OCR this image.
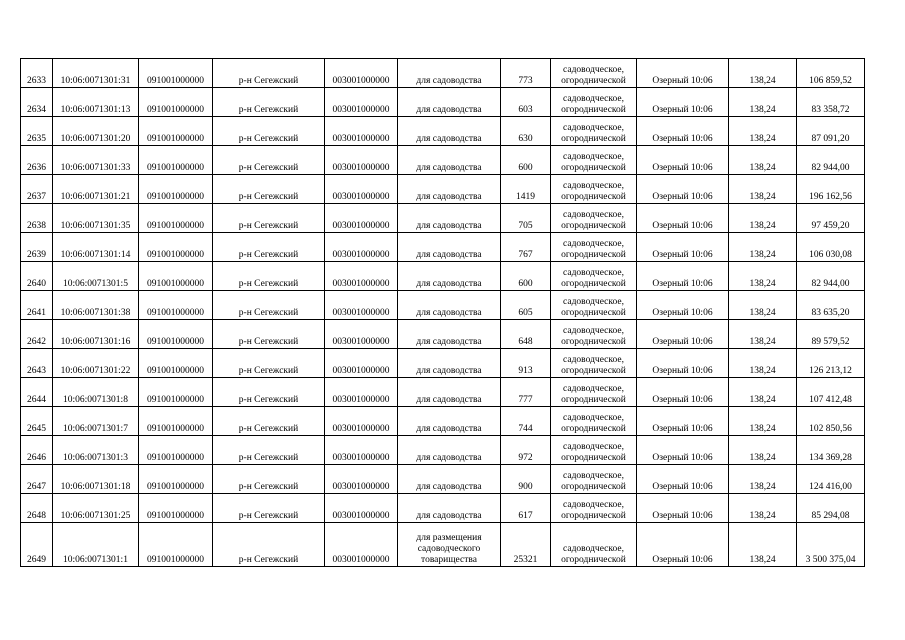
2633	10:06:0071301:31	091001000000	р-н Сегежский	003001000000	для садоводства	773	садоводческое,
огороднической	Озерный 10:06	138,24	106 859,52
2634	10:06:0071301:13	091001000000	р-н Сегежский	003001000000	для садоводства	603	садоводческое,
огороднической	Озерный 10:06	138,24	83 358,72
2635	10:06:0071301:20	091001000000	р-н Сегежский	003001000000	для садоводства	630	садоводческое,
огороднической	Озерный 10:06	138,24	87 091,20
2636	10:06:0071301:33	091001000000	р-н Сегежский	003001000000	для садоводства	600	садоводческое,
огороднической	Озерный 10:06	138,24	82 944,00
2637	10:06:0071301:21	091001000000	р-н Сегежский	003001000000	для садоводства	1419	садоводческое,
огороднической	Озерный 10:06	138,24	196 162,56
2638	10:06:0071301:35	091001000000	р-н Сегежский	003001000000	для садоводства	705	садоводческое,
огороднической	Озерный 10:06	138,24	97 459,20
2639	10:06:0071301:14	091001000000	р-н Сегежский	003001000000	для садоводства	767	садоводческое,
огороднической	Озерный 10:06	138,24	106 030,08
2640	10:06:0071301:5	091001000000	р-н Сегежский	003001000000	для садоводства	600	садоводческое,
огороднической	Озерный 10:06	138,24	82 944,00
2641	10:06:0071301:38	091001000000	р-н Сегежский	003001000000	для садоводства	605	садоводческое,
огороднической	Озерный 10:06	138,24	83 635,20
2642	10:06:0071301:16	091001000000	р-н Сегежский	003001000000	для садоводства	648	садоводческое,
огороднической	Озерный 10:06	138,24	89 579,52
2643	10:06:0071301:22	091001000000	р-н Сегежский	003001000000	для садоводства	913	садоводческое,
огороднической	Озерный 10:06	138,24	126 213,12
2644	10:06:0071301:8	091001000000	р-н Сегежский	003001000000	для садоводства	777	садоводческое,
огороднической	Озерный 10:06	138,24	107 412,48
2645	10:06:0071301:7	091001000000	р-н Сегежский	003001000000	для садоводства	744	садоводческое,
огороднической	Озерный 10:06	138,24	102 850,56
2646	10:06:0071301:3	091001000000	р-н Сегежский	003001000000	для садоводства	972	садоводческое,
огороднической	Озерный 10:06	138,24	134 369,28
2647	10:06:0071301:18	091001000000	р-н Сегежский	003001000000	для садоводства	900	садоводческое,
огороднической	Озерный 10:06	138,24	124 416,00
2648	10:06:0071301:25	091001000000	р-н Сегежский	003001000000	для садоводства	617	садоводческое,
огороднической	Озерный 10:06	138,24	85 294,08
2649	10:06:0071301:1	091001000000	р-н Сегежский	003001000000	для размещения
садоводческого
товарищества	25321	садоводческое,
огороднической	Озерный 10:06	138,24	3 500 375,04
